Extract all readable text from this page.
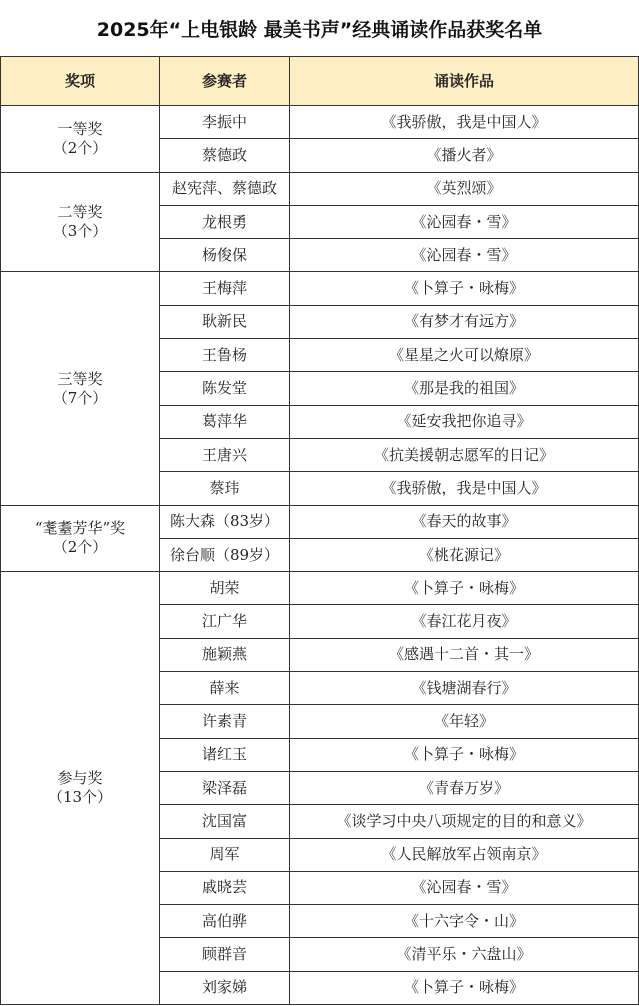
2025年“上电银龄 最美书声”经典诵读作品获奖名单
奖项	参赛者	诵读作品

一等奖
（2个）	李振中	《我骄傲，我是中国人》
	蔡德政	《播火者》

二等奖
（3个）	赵宪萍、蔡德政	《英烈颂》
	龙根勇	《沁园春・雪》
	杨俊保	《沁园春・雪》

三等奖
（7个）	王梅萍	《卜算子・咏梅》
	耿新民	《有梦才有远方》
	王鲁杨	《星星之火可以燎原》
	陈发堂	《那是我的祖国》
	葛萍华	《延安我把你追寻》
	王唐兴	《抗美援朝志愿军的日记》
	蔡玮	《我骄傲，我是中国人》

“耄耋芳华”奖
（2个）	陈大森（83岁）	《春天的故事》
	徐台顺（89岁）	《桃花源记》

参与奖
（13个）	胡荣	《卜算子・咏梅》
	江广华	《春江花月夜》
	施颖燕	《感遇十二首・其一》
	薛来	《钱塘湖春行》
	许素青	《年轻》
	诸红玉	《卜算子・咏梅》
	梁泽磊	《青春万岁》
	沈国富	《谈学习中央八项规定的目的和意义》
	周军	《人民解放军占领南京》
	戚晓芸	《沁园春・雪》
	高伯骅	《十六字令・山》
	顾群音	《清平乐・六盘山》
	刘家娣	《卜算子・咏梅》
